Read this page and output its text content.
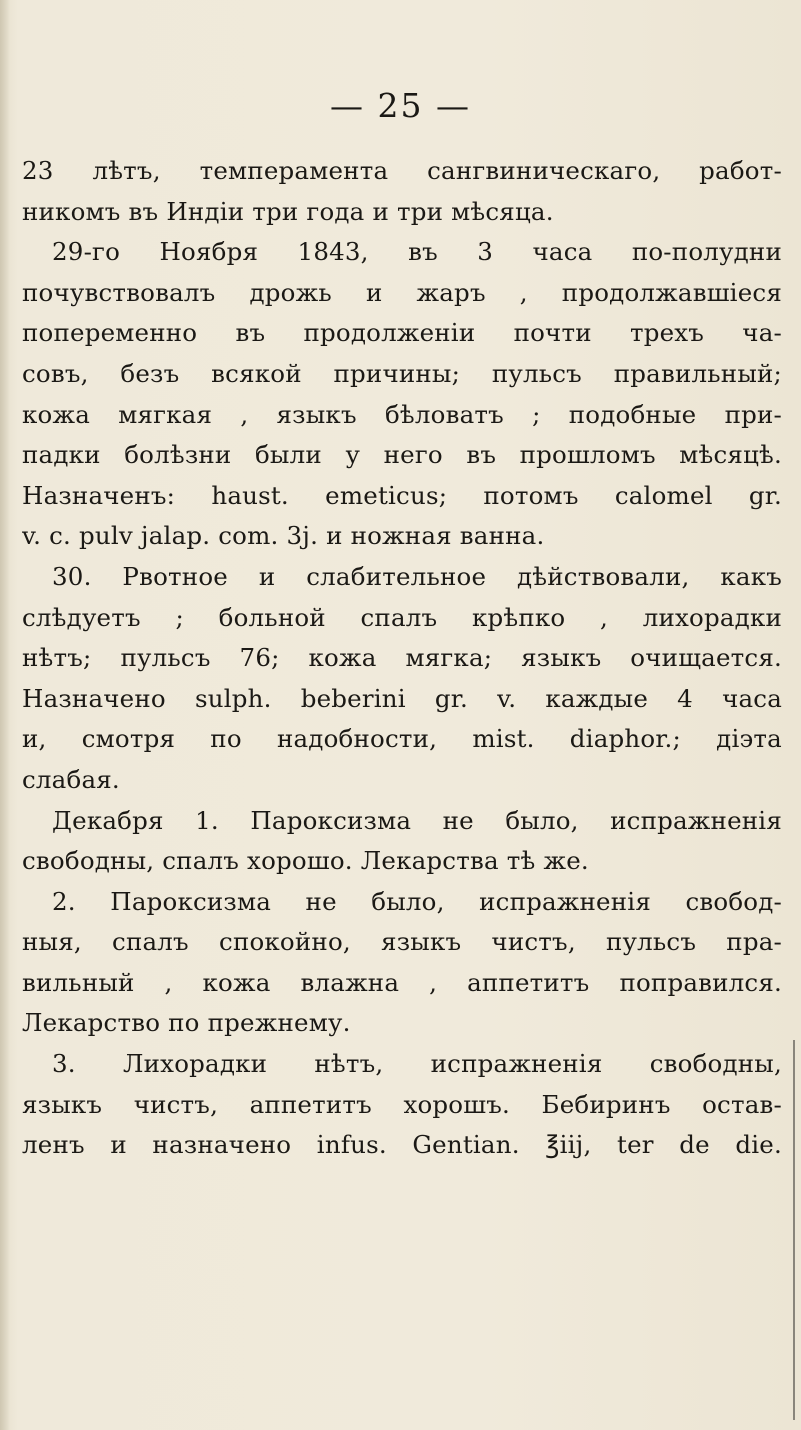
— 25 —
23 лѣтъ, темперамента сангвиническаго, работ-
никомъ въ Индіи три года и три мѣсяца.
29-го Ноября 1843, въ 3 часа по-полудни
почувствовалъ дрожь и жаръ , продолжавшіеся
попеременно въ продолженіи почти трехъ ча-
совъ, безъ всякой причины; пульсъ правильный;
кожа мягкая , языкъ бѣловатъ ; подобные при-
падки болѣзни были у него въ прошломъ мѣсяцѣ.
Назначенъ: haust. emeticus; потомъ calomel gr.
v. c. pulv jalap. com. 3j. и ножная ванна.
30. Рвотное и слабительное дѣйствовали, какъ
слѣдуетъ ; больной спалъ крѣпко , лихорадки
нѣтъ; пульсъ 76; кожа мягка; языкъ очищается.
Назначено sulph. beberini gr. v. каждые 4 часа
и, смотря по надобности, mist. diaphor.; діэта
слабая.
Декабря 1. Пароксизма не было, испражненія
свободны, спалъ хорошо. Лекарства тѣ же.
2. Пароксизма не было, испражненія свобод-
ныя, спалъ спокойно, языкъ чистъ, пульсъ пра-
вильный , кожа влажна , аппетитъ поправился.
Лекарство по прежнему.
3. Лихорадки нѣтъ, испражненія свободны,
языкъ чистъ, аппетитъ хорошъ. Бебиринъ остав-
ленъ и назначено infus. Gentian. ℥iij, ter de die.
